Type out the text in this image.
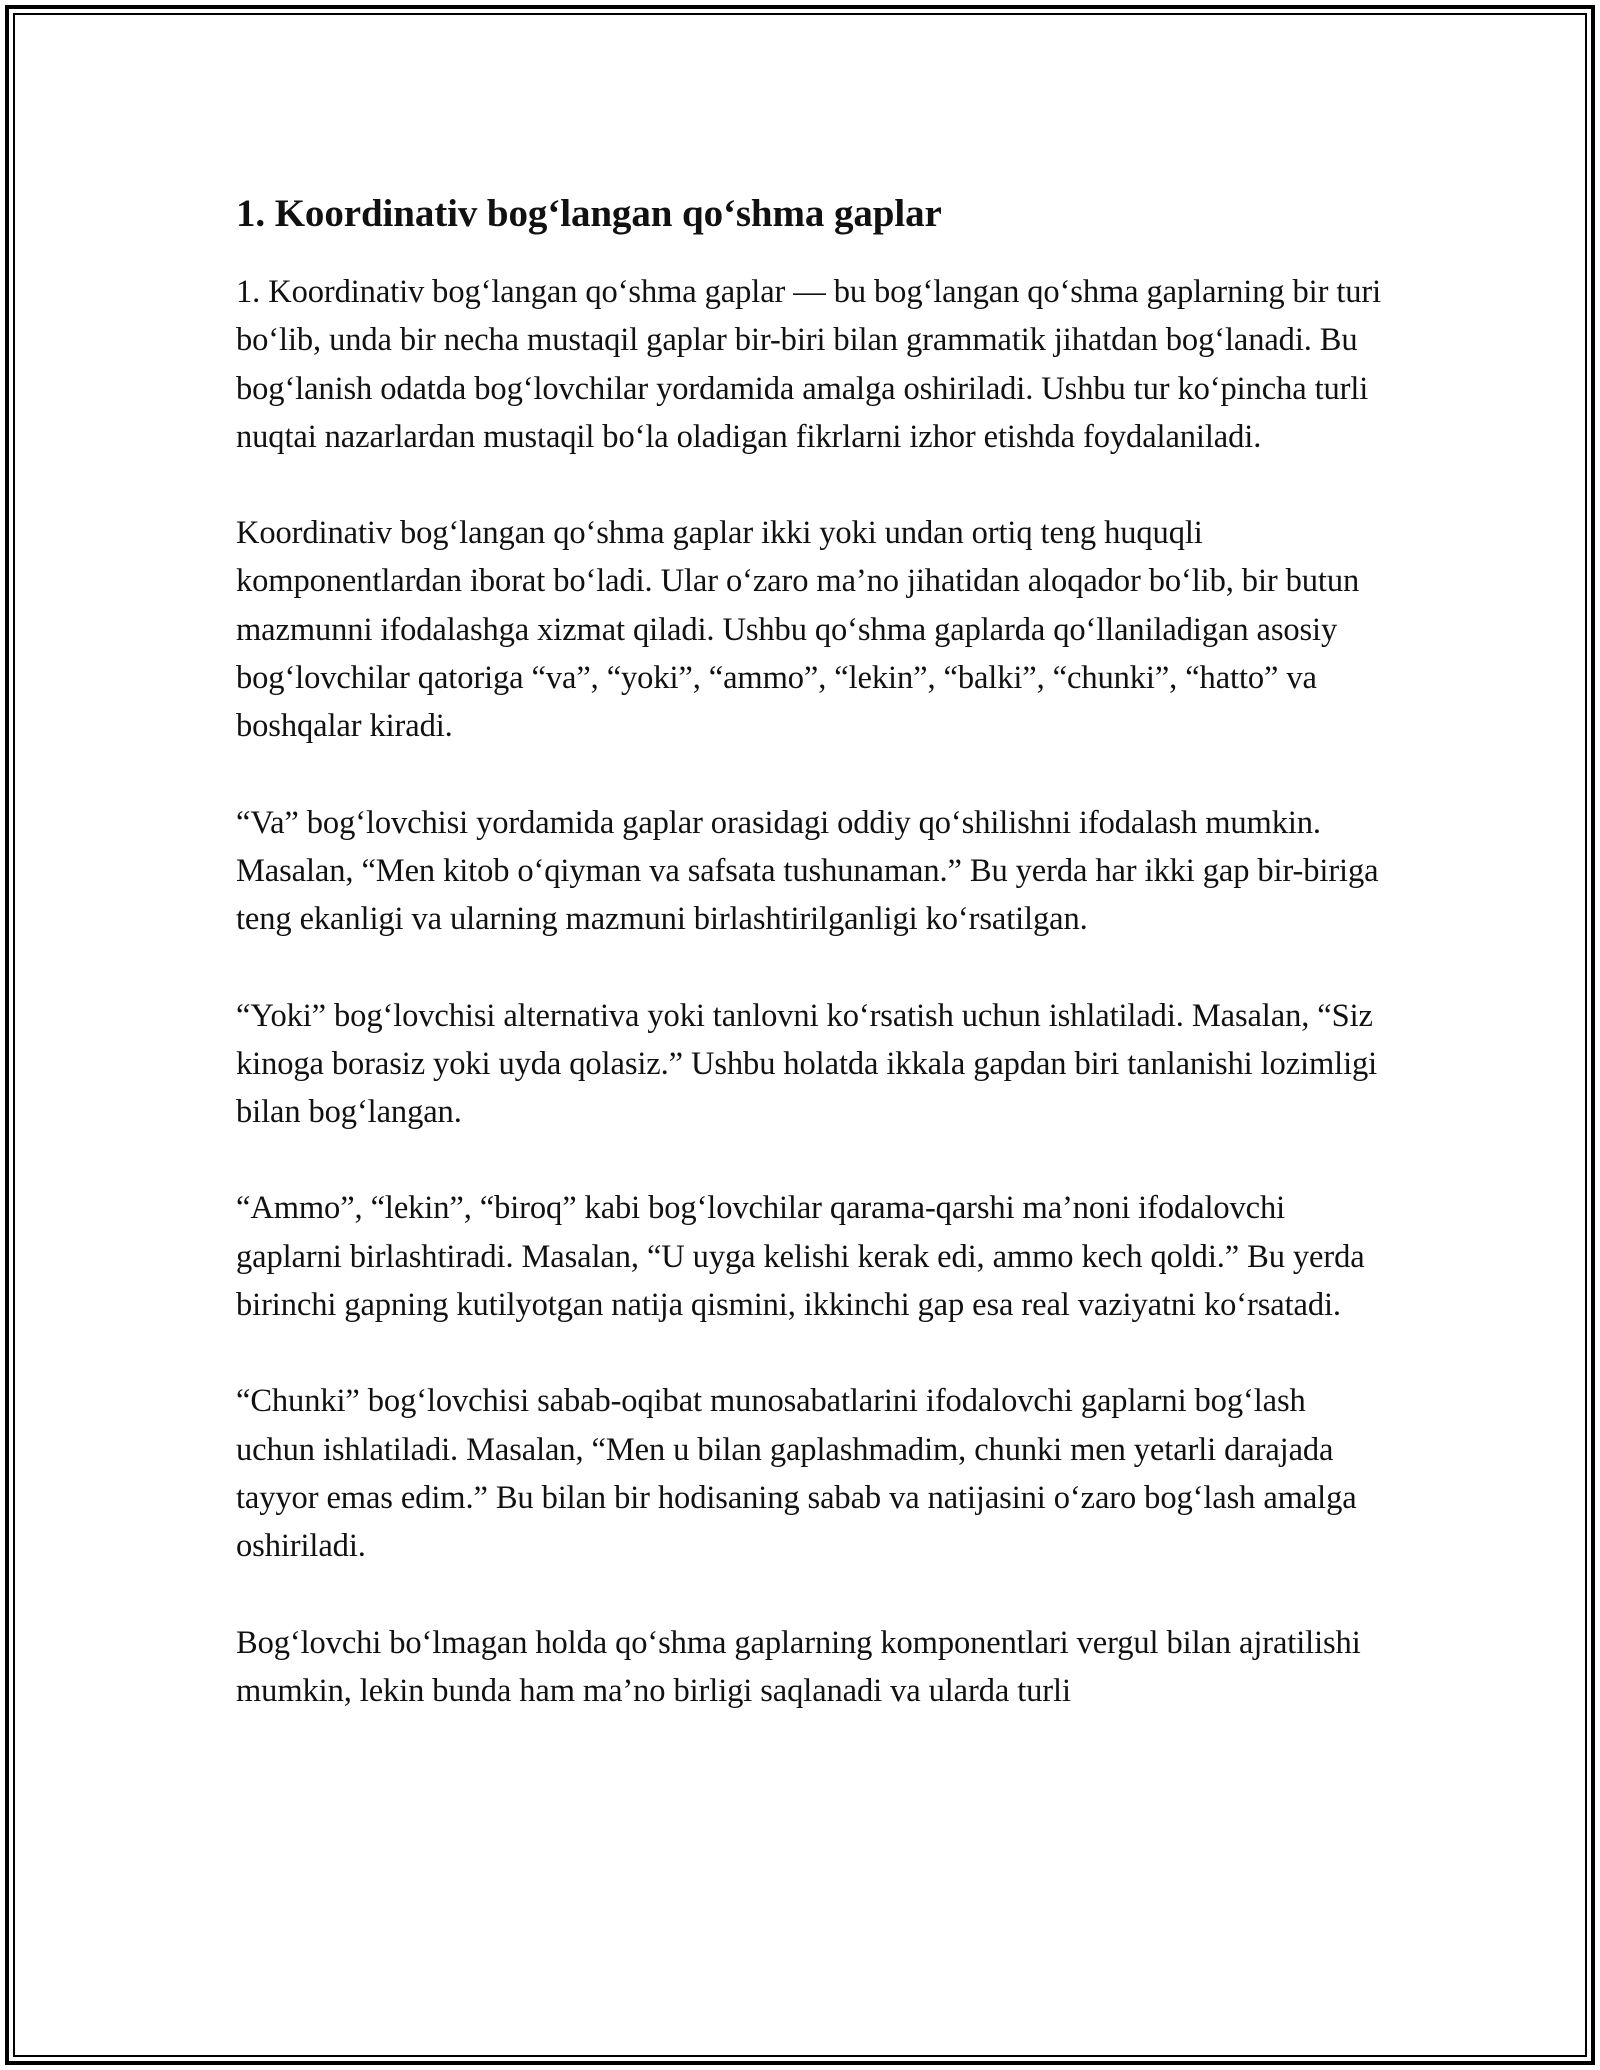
1. Koordinativ bog‘langan qo‘shma gaplar

1. Koordinativ bog‘langan qo‘shma gaplar — bu bog‘langan qo‘shma gaplarning bir turi bo‘lib, unda bir necha mustaqil gaplar bir-biri bilan grammatik jihatdan bog‘lanadi. Bu bog‘lanish odatda bog‘lovchilar yordamida amalga oshiriladi. Ushbu tur ko‘pincha turli nuqtai nazarlardan mustaqil bo‘la oladigan fikrlarni izhor etishda foydalaniladi.

Koordinativ bog‘langan qo‘shma gaplar ikki yoki undan ortiq teng huquqli komponentlardan iborat bo‘ladi. Ular o‘zaro ma’no jihatidan aloqador bo‘lib, bir butun mazmunni ifodalashga xizmat qiladi. Ushbu qo‘shma gaplarda qo‘llaniladigan asosiy bog‘lovchilar qatoriga “va”, “yoki”, “ammo”, “lekin”, “balki”, “chunki”, “hatto” va boshqalar kiradi.

“Va” bog‘lovchisi yordamida gaplar orasidagi oddiy qo‘shilishni ifodalash mumkin. Masalan, “Men kitob o‘qiyman va safsata tushunaman.” Bu yerda har ikki gap bir-biriga teng ekanligi va ularning mazmuni birlashtirilganligi ko‘rsatilgan.

“Yoki” bog‘lovchisi alternativa yoki tanlovni ko‘rsatish uchun ishlatiladi. Masalan, “Siz kinoga borasiz yoki uyda qolasiz.” Ushbu holatda ikkala gapdan biri tanlanishi lozimligi bilan bog‘langan.

“Ammo”, “lekin”, “biroq” kabi bog‘lovchilar qarama-qarshi ma’noni ifodalovchi gaplarni birlashtiradi. Masalan, “U uyga kelishi kerak edi, ammo kech qoldi.” Bu yerda birinchi gapning kutilyotgan natija qismini, ikkinchi gap esa real vaziyatni ko‘rsatadi.

“Chunki” bog‘lovchisi sabab-oqibat munosabatlarini ifodalovchi gaplarni bog‘lash uchun ishlatiladi. Masalan, “Men u bilan gaplashmadim, chunki men yetarli darajada tayyor emas edim.” Bu bilan bir hodisaning sabab va natijasini o‘zaro bog‘lash amalga oshiriladi.

Bog‘lovchi bo‘lmagan holda qo‘shma gaplarning komponentlari vergul bilan ajratilishi mumkin, lekin bunda ham ma’no birligi saqlanadi va ularda turli
